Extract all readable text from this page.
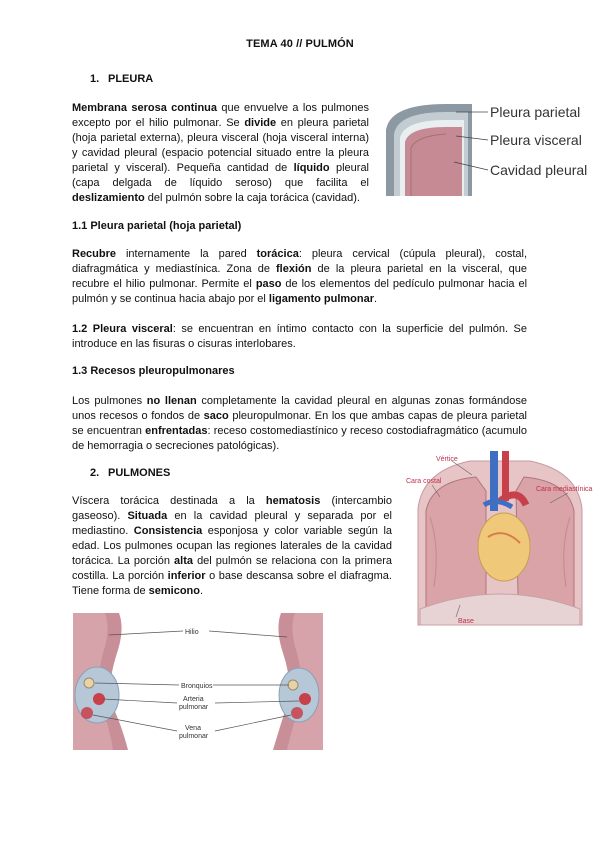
TEMA 40 // PULMÓN
1. PLEURA
Membrana serosa continua que envuelve a los pulmones excepto por el hilio pulmonar. Se divide en pleura parietal (hoja parietal externa), pleura visceral (hoja visceral interna) y cavidad pleural (espacio potencial situado entre la pleura parietal y visceral). Pequeña cantidad de líquido pleural (capa delgada de líquido seroso) que facilita el deslizamiento del pulmón sobre la caja torácica (cavidad).
Pleura parietal
Pleura visceral
Cavidad pleural
1.1 Pleura parietal (hoja parietal)
Recubre internamente la pared torácica: pleura cervical (cúpula pleural), costal, diafragmática y mediastínica. Zona de flexión de la pleura parietal en la visceral, que recubre el hilio pulmonar. Permite el paso de los elementos del pedículo pulmonar hacia el pulmón y se continua hacia abajo por el ligamento pulmonar.
1.2 Pleura visceral: se encuentran en íntimo contacto con la superficie del pulmón. Se introduce en las fisuras o cisuras interlobares.
1.3 Recesos pleuropulmonares
Los pulmones no llenan completamente la cavidad pleural en algunas zonas formándose unos recesos o fondos de saco pleuropulmonar. En los que ambas capas de pleura parietal se encuentran enfrentadas: receso costomediastínico y receso costodiafragmático (acumulo de hemorragia o secreciones patológicas).
2. PULMONES
Víscera torácica destinada a la hematosis (intercambio gaseoso). Situada en la cavidad pleural y separada por el mediastino. Consistencia esponjosa y color variable según la edad. Los pulmones ocupan las regiones laterales de la cavidad torácica. La porción alta del pulmón se relaciona con la primera costilla. La porción inferior o base descansa sobre el diafragma. Tiene forma de semicono.
Vértice
Cara costal
Cara mediastínica
Base
Hilio
Bronquios
Arteria
pulmonar
Vena
pulmonar
